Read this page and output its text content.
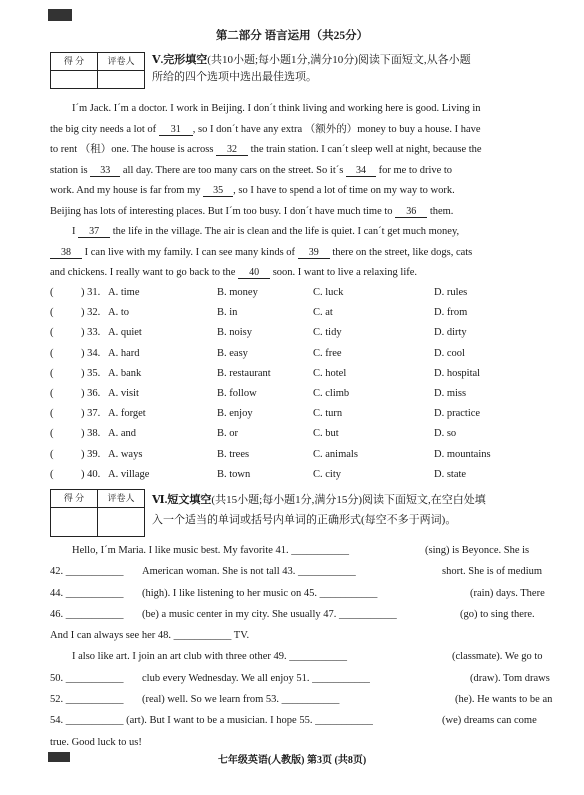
第二部分 语言运用（共25分）
得 分	评卷人	Ⅴ.完形填空(共10小题;每小题1分,满分10分)阅读下面短文,从各小题
所给的四个选项中选出最佳选项。
I´m Jack. I´m a doctor. I work in Beijing. I don´t think living and working here is good. Living in
the big city needs a lot of 31 , so I don´t have any extra （额外的）money to buy a house. I have
to rent （租）one. The house is across 32 the train station. I can´t sleep well at night, because the
station is 33 all day. There are too many cars on the street. So it´s 34 for me to drive to
work. And my house is far from my 35 , so I have to spend a lot of time on my way to work.
Beijing has lots of interesting places. But I´m too busy. I don´t have much time to 36 them.
I 37 the life in the village. The air is clean and the life is quiet. I can´t get much money,
38 I can live with my family. I can see many kinds of 39 there on the street, like dogs, cats
and chickens. I really want to go back to the 40 soon. I want to live a relaxing life.
(	) 31. A. time	B. money	C. luck	D. rules
(	) 32. A. to	B. in	C. at	D. from
(	) 33. A. quiet	B. noisy	C. tidy	D. dirty
(	) 34. A. hard	B. easy	C. free	D. cool
(	) 35. A. bank	B. restaurant	C. hotel	D. hospital
(	) 36. A. visit	B. follow	C. climb	D. miss
(	) 37. A. forget	B. enjoy	C. turn	D. practice
(	) 38. A. and	B. or	C. but	D. so
(	) 39. A. ways	B. trees	C. animals	D. mountains
(	) 40. A. village	B. town	C. city	D. state
得 分	评卷人	Ⅵ.短文填空(共15小题;每小题1分,满分15分)阅读下面短文,在空白处填
入一个适当的单词或括号内单词的正确形式(每空不多于两词)。
Hello, I´m Maria. I like music best. My favorite 41. ___________	(sing) is Beyonce. She is
42. ___________ American woman. She is not tall 43. ___________	short. She is of medium
44. ___________ (high). I like listening to her music on 45. ___________	(rain) days. There
46. ___________ (be) a music center in my city. She usually 47. ___________	(go) to sing there.
And I can always see her 48. ___________ TV.
I also like art. I join an art club with three other 49. ___________	(classmate). We go to
50. ___________ club every Wednesday. We all enjoy 51. ___________	(draw). Tom draws
52. ___________ (real) well. So we learn from 53. ___________	(he). He wants to be an
54. ___________ (art). But I want to be a musician. I hope 55. ___________	(we) dreams can come
true. Good luck to us!
七年级英语(人教版) 第3页 (共8页)
